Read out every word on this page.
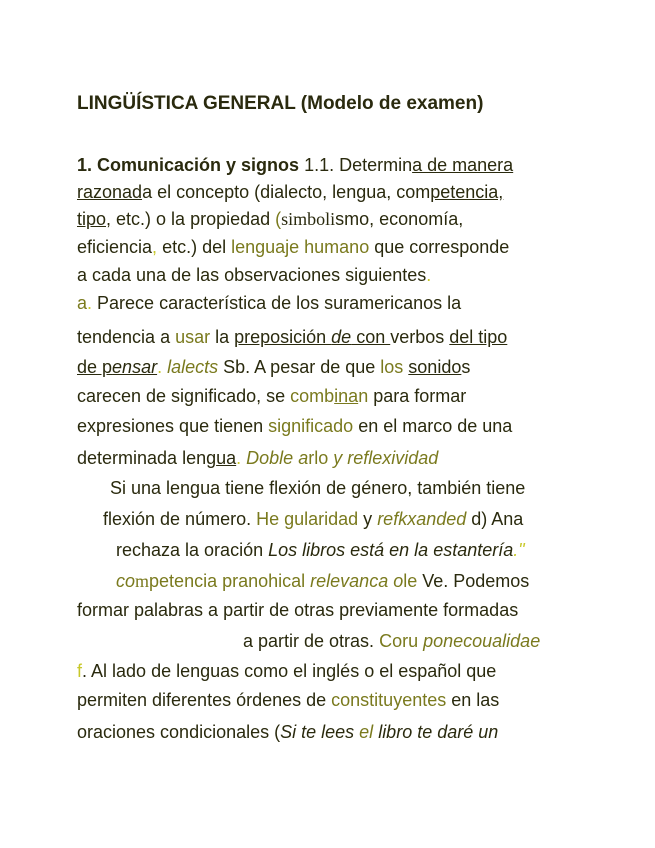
LINGÜÍSTICA GENERAL (Modelo de examen)
1. Comunicación y signos 1.1. Determina de manera
razonada el concepto (dialecto, lengua, competencia,
tipo, etc.) o la propiedad (simbolismo, economía,
eficiencia, etc.) del lenguaje humano que corresponde
a cada una de las observaciones siguientes.
a. Parece característica de los suramericanos la
tendencia a usar la preposición de con verbos del tipo
de pensar. lalects Sb. A pesar de que los sonidos
carecen de significado, se combinan para formar
expresiones que tienen significado en el marco de una
determinada lengua. Doble arlo y reflexividad
Si una lengua tiene flexión de género, también tiene
flexión de número. He gularidad y refkxanded d) Ana
rechaza la oración Los libros está en la estantería."
competencia pranohical relevanca ole Ve. Podemos
formar palabras a partir de otras previamente formadas
a partir de otras. Coru ponecoualidae
f. Al lado de lenguas como el inglés o el español que
permiten diferentes órdenes de constituyentes en las
oraciones condicionales (Si te lees el libro te daré un
